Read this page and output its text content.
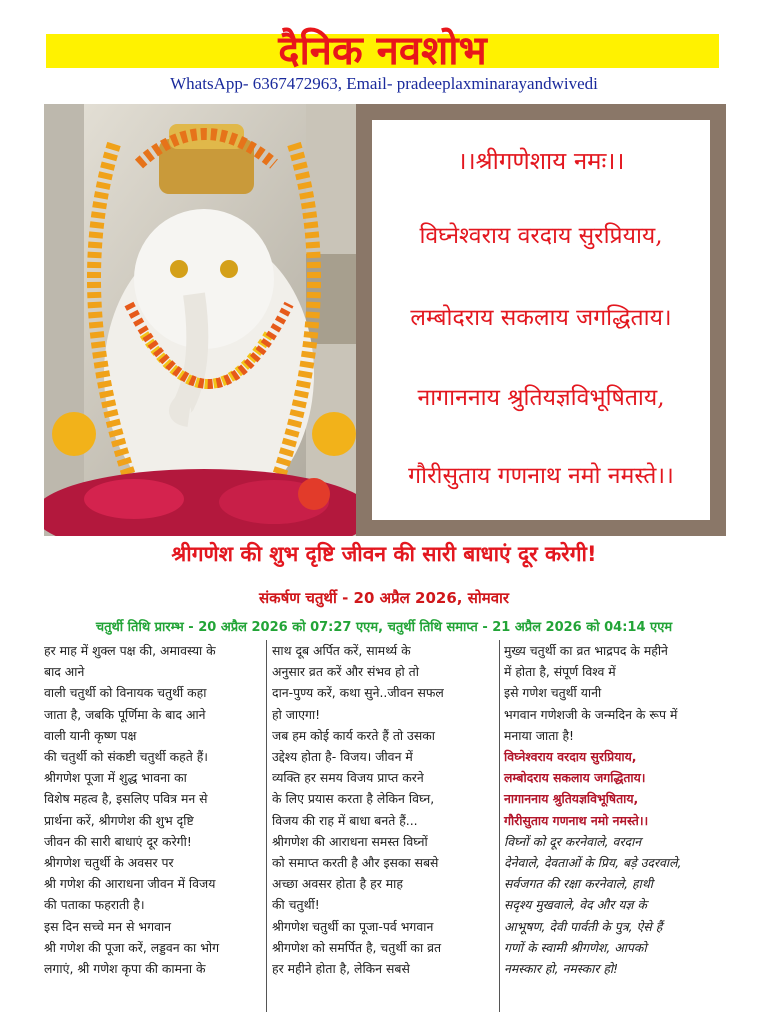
दैनिक नवशोभ
WhatsApp- 6367472963, Email- pradeeplaxminarayandwivedi
।।श्रीगणेशाय नमः।।
विघ्नेश्वराय वरदाय सुरप्रियाय,
लम्बोदराय सकलाय जगद्धिताय।
नागाननाय श्रुतियज्ञविभूषिताय,
गौरीसुताय गणनाथ नमो नमस्ते।।
श्रीगणेश की शुभ दृष्टि जीवन की सारी बाधाएं दूर करेगी!
संकर्षण चतुर्थी - 20 अप्रैल 2026, सोमवार
चतुर्थी तिथि प्रारम्भ - 20 अप्रैल 2026 को 07:27 एएम, चतुर्थी तिथि समाप्त - 21 अप्रैल 2026 को 04:14 एएम

हर माह में शुक्ल पक्ष की, अमावस्या के

बाद आने

वाली चतुर्थी को विनायक चतुर्थी कहा

जाता है, जबकि पूर्णिमा के बाद आने

वाली यानी कृष्ण पक्ष

की चतुर्थी को संकष्टी चतुर्थी कहते हैं।

श्रीगणेश पूजा में शुद्ध भावना का

विशेष महत्व है, इसलिए पवित्र मन से

प्रार्थना करें, श्रीगणेश की शुभ दृष्टि

जीवन की सारी बाधाएं दूर करेगी!

श्रीगणेश चतुर्थी के अवसर पर

श्री गणेश की आराधना जीवन में विजय

की पताका फहराती है।

इस दिन सच्चे मन से भगवान

श्री गणेश की पूजा करें, लड्डवन का भोग

लगाएं, श्री गणेश कृपा की कामना के

साथ दूब अर्पित करें, सामर्थ्य के

अनुसार व्रत करें और संभव हो तो

दान-पुण्य करें, कथा सुने..जीवन सफल

हो जाएगा!

जब हम कोई कार्य करते हैं तो उसका

उद्देश्य होता है- विजय। जीवन में

व्यक्ति हर समय विजय प्राप्त करने

के लिए प्रयास करता है लेकिन विघ्न,

विजय की राह में बाधा बनते हैं...

श्रीगणेश की आराधना समस्त विघ्नों

को समाप्त करती है और इसका सबसे

अच्छा अवसर होता है हर माह

की चतुर्थी!

श्रीगणेश चतुर्थी का पूजा-पर्व भगवान

श्रीगणेश को समर्पित है, चतुर्थी का व्रत

हर महीने होता है, लेकिन सबसे

मुख्य चतुर्थी का व्रत भाद्रपद के महीने

में होता है, संपूर्ण विश्व में

इसे गणेश चतुर्थी यानी

भगवान गणेशजी के जन्मदिन के रूप में

मनाया जाता है!

विघ्नेश्वराय वरदाय सुरप्रियाय,

लम्बोदराय सकलाय जगद्धिताय।

नागाननाय श्रुतियज्ञविभूषिताय,

गौरीसुताय गणनाथ नमो नमस्ते।।

विघ्नों को दूर करनेवाले, वरदान

देनेवाले, देवताओं के प्रिय, बड़े उदरवाले,

सर्वजगत की रक्षा करनेवाले, हाथी

सदृश्य मुखवाले, वेद और यज्ञ के

आभूषण, देवी पार्वती के पुत्र, ऐसे हैं

गणों के स्वामी श्रीगणेश, आपको

नमस्कार हो, नमस्कार हो!
